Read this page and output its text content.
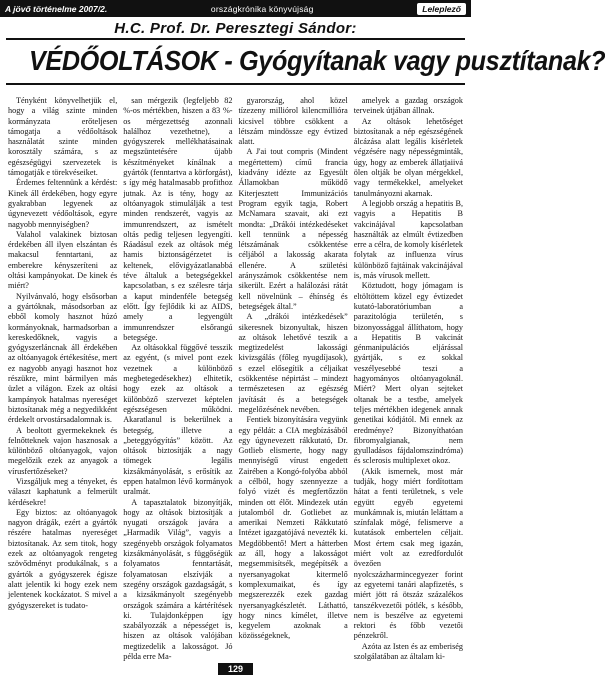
A jövő történelme 2007/2.	országkrónika könyvújság	Leleplező
H.C. Prof. Dr. Peresztegi Sándor:
VÉDŐOLTÁSOK - Gyógyítanak vagy pusztítanak?

Tényként könyvelhetjük el, hogy a világ szinte minden kormányzata erőteljesen támogatja a védőoltások használatát szinte minden korosztály számára, s az egészségügyi szervezetek is támogatják e törekvéseiket.

Érdemes feltennünk a kérdést: Kinek áll érdekében, hogy egyre gyakrabban legyenek az úgynevezett védőoltások, egyre nagyobb mennyiségben?

Valahol valakinek biztosan érdekében áll ilyen elszántan és makacsul fenntartani, az emberekre kényszeríteni az oltási kampányokat. De kinek és miért?

Nyilvánvaló, hogy elsősorban a gyártóknak, másodsorban az ebből komoly hasznot húzó kormányoknak, harmadsorban a kereskedőknek, vagyis a gyógyszerláncnak áll érdekében az oltóanyagok értékesítése, mert ez nagyobb anyagi hasznot hoz részükre, mint bármilyen más üzlet a világon. Ezek az oltási kampányok hatalmas nyereséget biztosítanak még a negyedikként érdekelt orvostársadalomnak is.

A beoltott gyermekeknek és felnőtteknek vajon hasznosak a különböző oltóanyagok, vajon megelőzik ezek az anyagok a vírusfertőzéseket?

Vizsgáljuk meg a tényeket, és választ kaphatunk a felmerült kérdésekre!

Egy biztos: az oltóanyagok nagyon drágák, ezért a gyártók részére hatalmas nyereséget biztosítanak. Az sem titok, hogy ezek az oltóanyagok rengeteg szövődményt produkálnak, s a gyártók a gyógyszerek égisze alatt jelentik ki hogy ezek nem jelentenek kockázatot. S mivel a gyógyszereket is tudato-

san mérgezik (legfeljebb 82 %-os mértékben, hiszen a 83 %-os mérgezettség azonnali halálhoz vezethetne), a gyógyszerek mellékhatásainak megszüntetésére újabb készítményeket kínálnak a gyártók (fenntartva a körforgást), s így még hatalmasabb profithoz jutnak. Az is tény, hogy az oltóanyagok stimulálják a test minden rendszerét, vagyis az immunrendszert, az ismételt oltás pedig teljesen legyengíti. Ráadásul ezek az oltások még hamis biztonságérzetet is keltenek, elővigyázatlanabbá téve általuk a betegségekkel kapcsolatban, s ez szélesre tárja a kaput mindenféle betegség előtt. Így fejlődik ki az AIDS, amely a legyengült immunrendszer elsőrangú betegsége.

Az oltásokkal függővé tesszik az egyént, (s mivel pont ezek vezetnek a különböző megbetegedésekhez) elhitetik, hogy ezek az oltások a különböző szervezet képtelen egészségesen működni. Akaratlanul is bekerülnek a betegség, illetve a „beteggyógyítás” között. Az oltások biztosítják a nagy tömegek legális kizsákmányolását, s erősítik az eppen hatalmon lévő kormányok uralmát.

A tapasztalatok bizonyítják, hogy az oltások biztosítják a nyugati országok javára a „Harmadik Világ”, vagyis a szegényebb országok folyamatos kizsákmányolását, s függőségük folyamatos fenntartását, folyamatosan elszívják a szegény országok gazdagságát, s a kizsákmányolt szegényebb országok számára a kártérítések ki. Tulajdonképpen így szabályozzák a népességet is, hiszen az oltások valójában megtizedelik a lakosságot. Jó példa erre Ma-

gyarország, ahol közel tízezeny milliórol kilencmillióra kicsivel többre csökkent a létszám mindössze egy évtized alatt.

A J'ai tout compris (Mindent megértettem) című francia kiadvány idézte az Egyesült Államokban működő Kiterjesztett Immunizációs Program egyik tagja, Robert McNamara szavait, aki ezt mondta: „Drákói intézkedéseket kell tennünk a népesség létszámának csökkentése céljából a lakosság akarata ellenére. A születési arányszámok csökkentése nem sikerült. Ezért a halálozási rátát kell növelnünk – éhínség és betegségek által.”

A „drákói intézkedések” sikeresnek bizonyultak, hiszen az oltások lehetővé teszik a megtizedelést lakossági kivizsgálás (főleg nyugdíjasok), s ezzel elősegítik a céljaikat csökkentése népirtást – mindezt természetesen az egészség javítását és a betegségek megelőzésének nevében.

Fentiek bizonyítására vegyünk egy példát: a CIA megbízásából egy úgynevezett rákkutató, Dr. Gotlieb elismerte, hogy nagy mennyiségű vírust engedett Zairében a Kongó-folyóba abból a célból, hogy szennyezze a folyó vizét és megfertőzzön minden ott élőt. Mindezek után jutalomból dr. Gotliebet az amerikai Nemzeti Rákkutató Intézet igazgatójává nevezték ki. Megdöbbentő! Mert a hátterben az áll, hogy a lakosságot megsemmisítsék, megépítsék a nyersanyagokat kitermelő komplexumaikat, és így megszerezzék ezek gazdag nyersanyagkészletét. Láthattó, hogy nincs kímélet, illetve kegyelem azoknak a közösségeknek,

amelyek a gazdag országok terveinek útjában állnak.

Az oltások lehetőséget biztosítanak a nép egészségének álcázása alatt legális kísérletek végzésére nagy népességminták, úgy, hogy az emberek állatjaiivá ölen oltják be olyan mérgekkel, vagy termékekkel, amelyeket tanulmányozni akarnak.

A legjobb ország a hepatitis B, vagyis a Hepatitis B vakcinájával kapcsolatban használták az elmúlt évtizedben erre a célra, de komoly kísérletek folytak az influenza vírus különböző fajtáinak vakcinájával is, más vírusok mellett.

Köztudott, hogy jómagam is eltöltöttem közel egy évtizedet kutató-laboratóriumban a parazitológia területén, s bizonyossággal állíthatom, hogy a Hepatitis B vakcinát génmanipulációs eljárással gyártják, s ez sokkal veszélyesebbé teszi a hagyományos oltóanyagoknál. Miért? Mert olyan sejteket oltanak be a testbe, amelyek teljes mértékben idegenek annak genetikai kódjától. Mi ennek az eredménye? Bizonyíthatóan fibromyalgianak, nem gyulladásos fájdalomszindróma) és sclerosis multiplexet okoz.

(Akik ismernek, most már tudják, hogy miért fordítottam hátat a fenti területnek, s vele együtt egyéb egyetemi munkámnak is, miután leláttam a színfalak mögé, felismerve a kutatások embertelen céljait. Most értem csak meg igazán, miért volt az ezredfordulót övezően nyolcszázharmincegyezer forint az egyetemi tanári alapfizetés, s miért jött rá ötszáz százalékos tanszékvezetői pótlék, s később, nem is beszélve az egyetemi rektori és főbb vezetői pénzekről.

Azóta az Isten és az emberiség szolgálatában az általam ki-

129
